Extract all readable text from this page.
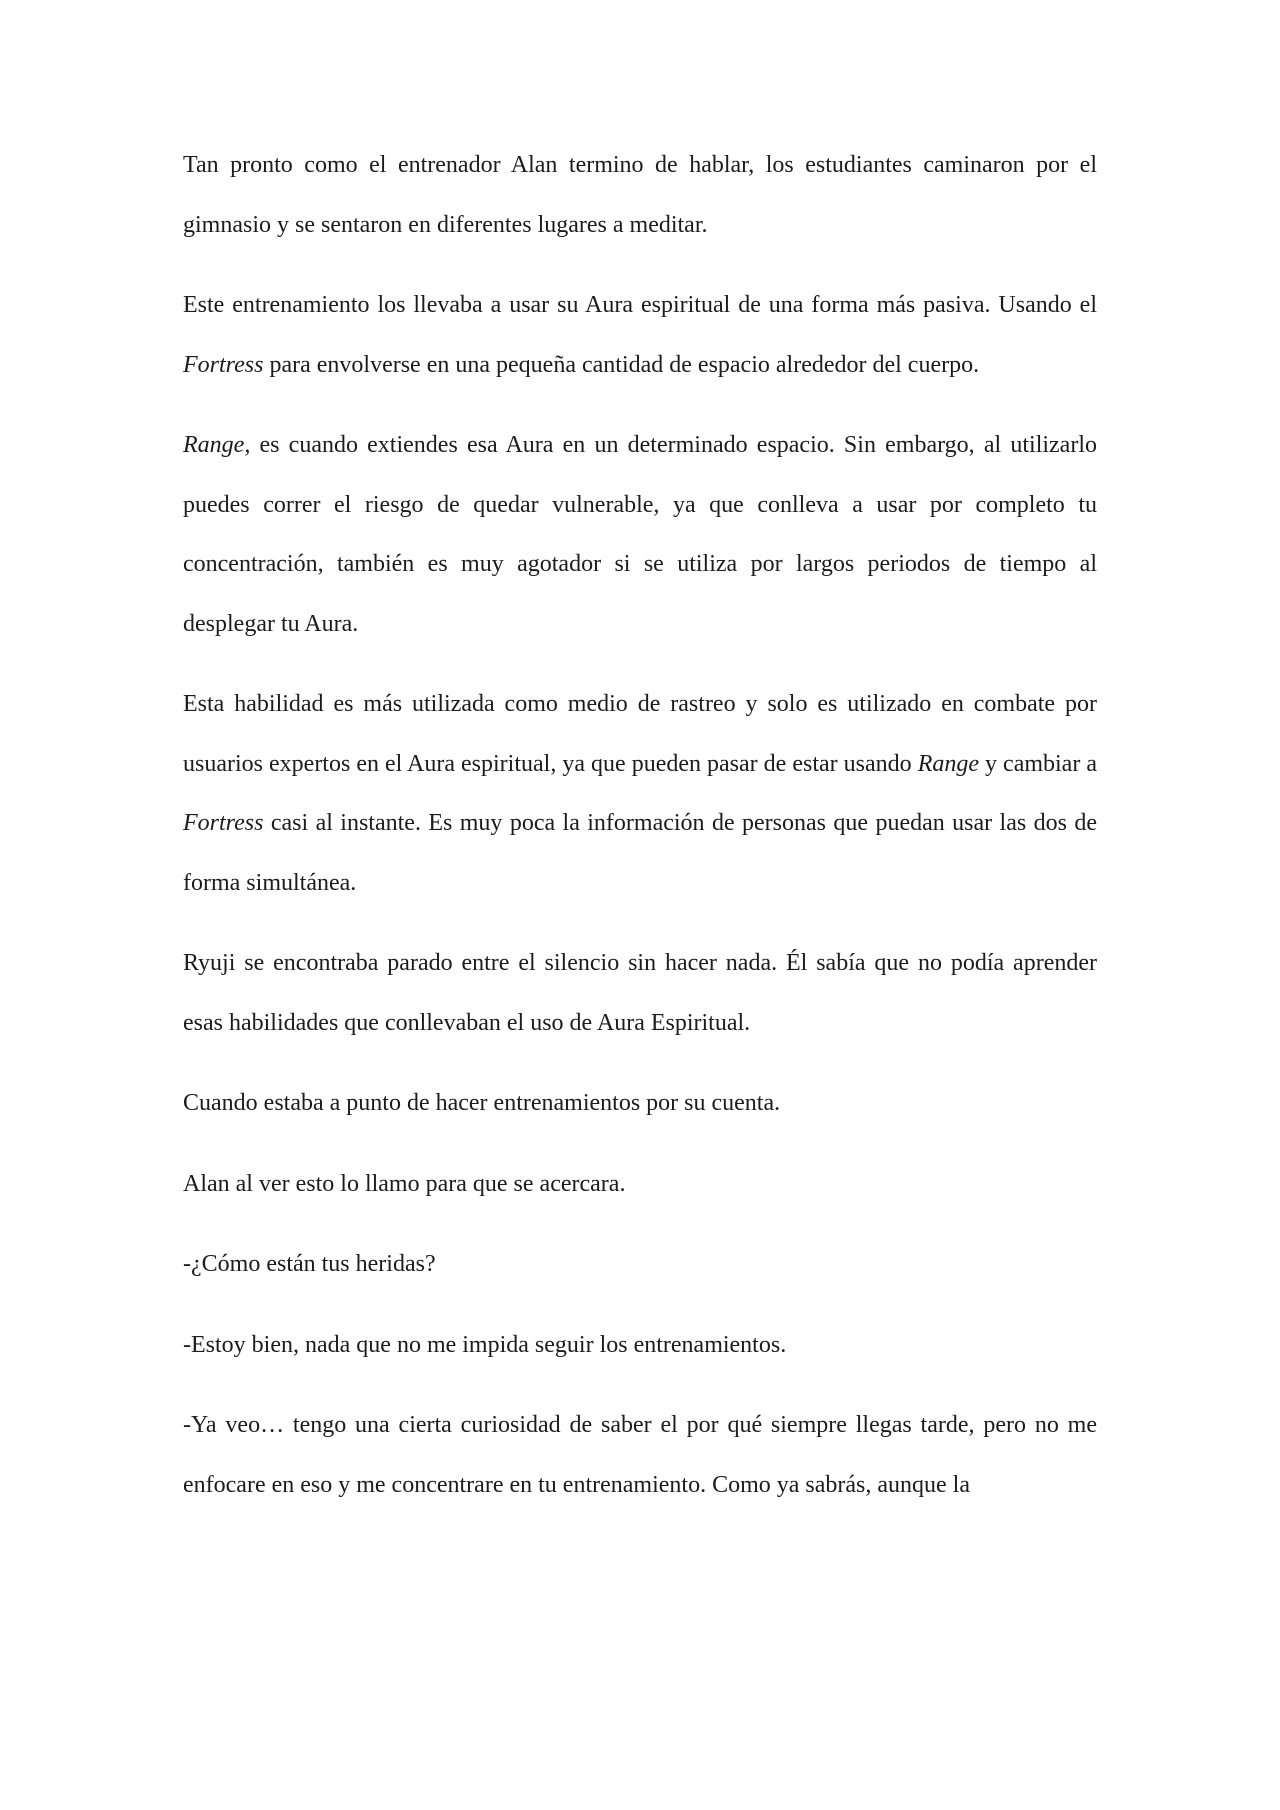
Tan pronto como el entrenador Alan termino de hablar, los estudiantes caminaron por el gimnasio y se sentaron en diferentes lugares a meditar.

Este entrenamiento los llevaba a usar su Aura espiritual de una forma más pasiva. Usando el Fortress para envolverse en una pequeña cantidad de espacio alrededor del cuerpo.

Range, es cuando extiendes esa Aura en un determinado espacio. Sin embargo, al utilizarlo puedes correr el riesgo de quedar vulnerable, ya que conlleva a usar por completo tu concentración, también es muy agotador si se utiliza por largos periodos de tiempo al desplegar tu Aura.

Esta habilidad es más utilizada como medio de rastreo y solo es utilizado en combate por usuarios expertos en el Aura espiritual, ya que pueden pasar de estar usando Range y cambiar a Fortress casi al instante. Es muy poca la información de personas que puedan usar las dos de forma simultánea.

Ryuji se encontraba parado entre el silencio sin hacer nada. Él sabía que no podía aprender esas habilidades que conllevaban el uso de Aura Espiritual.

Cuando estaba a punto de hacer entrenamientos por su cuenta.

Alan al ver esto lo llamo para que se acercara.

-¿Cómo están tus heridas?

-Estoy bien, nada que no me impida seguir los entrenamientos.

-Ya veo… tengo una cierta curiosidad de saber el por qué siempre llegas tarde, pero no me enfocare en eso y me concentrare en tu entrenamiento. Como ya sabrás, aunque la
